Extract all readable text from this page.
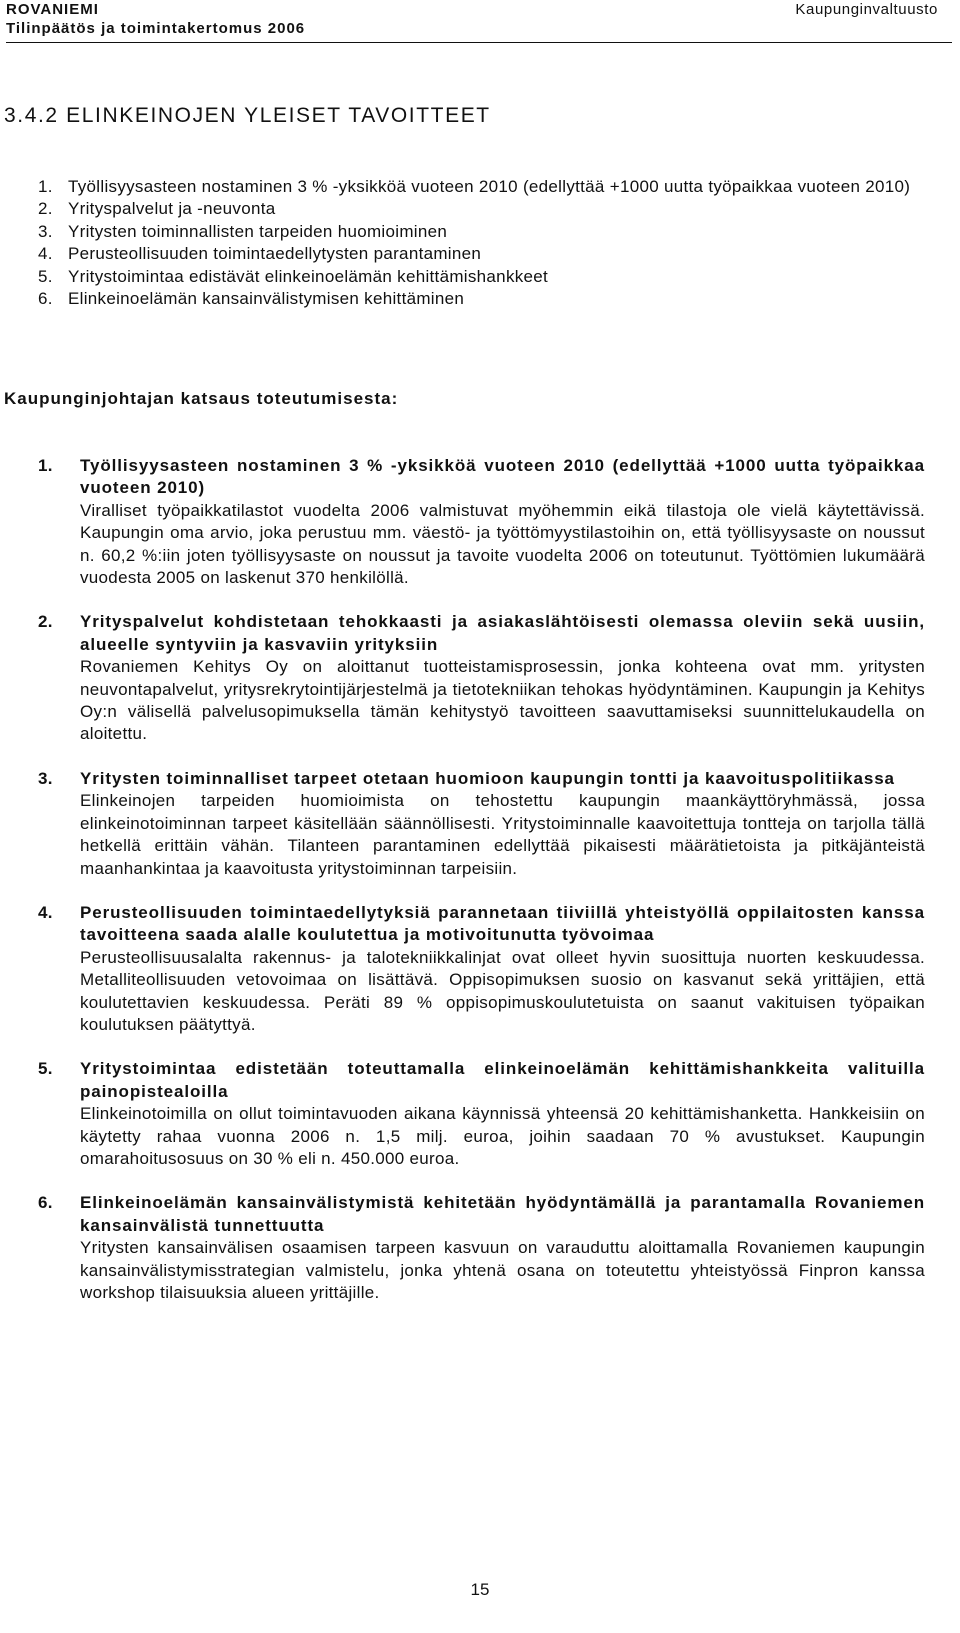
ROVANIEMI
Tilinpäätös ja toimintakertomus 2006
Kaupunginvaltuusto
3.4.2 ELINKEINOJEN YLEISET TAVOITTEET
1. Työllisyysasteen nostaminen 3 % -yksikköä vuoteen 2010 (edellyttää +1000 uutta työpaikkaa vuoteen 2010)
2. Yrityspalvelut ja -neuvonta
3. Yritysten toiminnallisten tarpeiden huomioiminen
4. Perusteollisuuden toimintaedellytysten parantaminen
5. Yritystoimintaa edistävät elinkeinoelämän kehittämishankkeet
6. Elinkeinoelämän kansainvälistymisen kehittäminen
Kaupunginjohtajan katsaus toteutumisesta:
1. Työllisyysasteen nostaminen 3 % -yksikköä vuoteen 2010 (edellyttää +1000 uutta työpaikkaa vuoteen 2010)
Viralliset työpaikkatilastot vuodelta 2006 valmistuvat myöhemmin eikä tilastoja ole vielä käytettävissä. Kaupungin oma arvio, joka perustuu mm. väestö- ja työttömyystilastoihin on, että työllisyysaste on noussut n. 60,2 %:iin joten työllisyysaste on noussut ja tavoite vuodelta 2006 on toteutunut. Työttömien lukumäärä vuodesta 2005 on laskenut 370 henkilöllä.
2. Yrityspalvelut kohdistetaan tehokkaasti ja asiakaslähtöisesti olemassa oleviin sekä uusiin, alueelle syntyviin ja kasvaviin yrityksiin
Rovaniemen Kehitys Oy on aloittanut tuotteistamisprosessin, jonka kohteena ovat mm. yritysten neuvontapalvelut, yritysrekrytointijärjestelmä ja tietotekniikan tehokas hyödyntäminen. Kaupungin ja Kehitys Oy:n välisellä palvelusopimuksella tämän kehitystyö tavoitteen saavuttamiseksi suunnittelukaudella on aloitettu.
3. Yritysten toiminnalliset tarpeet otetaan huomioon kaupungin tontti ja kaavoituspolitiikassa
Elinkeinojen tarpeiden huomioimista on tehostettu kaupungin maankäyttöryhmässä, jossa elinkeinotoiminnan tarpeet käsitellään säännöllisesti. Yritystoiminnalle kaavoitettuja tontteja on tarjolla tällä hetkellä erittäin vähän. Tilanteen parantaminen edellyttää pikaisesti määrätietoista ja pitkäjänteistä maanhankintaa ja kaavoitusta yritystoiminnan tarpeisiin.
4. Perusteollisuuden toimintaedellytyksiä parannetaan tiiviillä yhteistyöllä oppilaitosten kanssa tavoitteena saada alalle koulutettua ja motivoitunutta työvoimaa
Perusteollisuusalalta rakennus- ja talotekniikkalinjat ovat olleet hyvin suosittuja nuorten keskuudessa. Metalliteollisuuden vetovoimaa on lisättävä. Oppisopimuksen suosio on kasvanut sekä yrittäjien, että koulutettavien keskuudessa. Peräti 89 % oppisopimuskoulutetuista on saanut vakituisen työpaikan koulutuksen päätyttyä.
5. Yritystoimintaa edistetään toteuttamalla elinkeinoelämän kehittämishankkeita valituilla painopistealoilla
Elinkeinotoimilla on ollut toimintavuoden aikana käynnissä yhteensä 20 kehittämishanketta. Hankkeisiin on käytetty rahaa vuonna 2006 n. 1,5 milj. euroa, joihin saadaan 70 % avustukset. Kaupungin omarahoitusosuus on 30 % eli n. 450.000 euroa.
6. Elinkeinoelämän kansainvälistymistä kehitetään hyödyntämällä ja parantamalla Rovaniemen kansainvälistä tunnettuutta
Yritysten kansainvälisen osaamisen tarpeen kasvuun on varauduttu aloittamalla Rovaniemen kaupungin kansainvälistymisstrategian valmistelu, jonka yhtenä osana on toteutettu yhteistyössä Finpron kanssa workshop tilaisuuksia alueen yrittäjille.
15
